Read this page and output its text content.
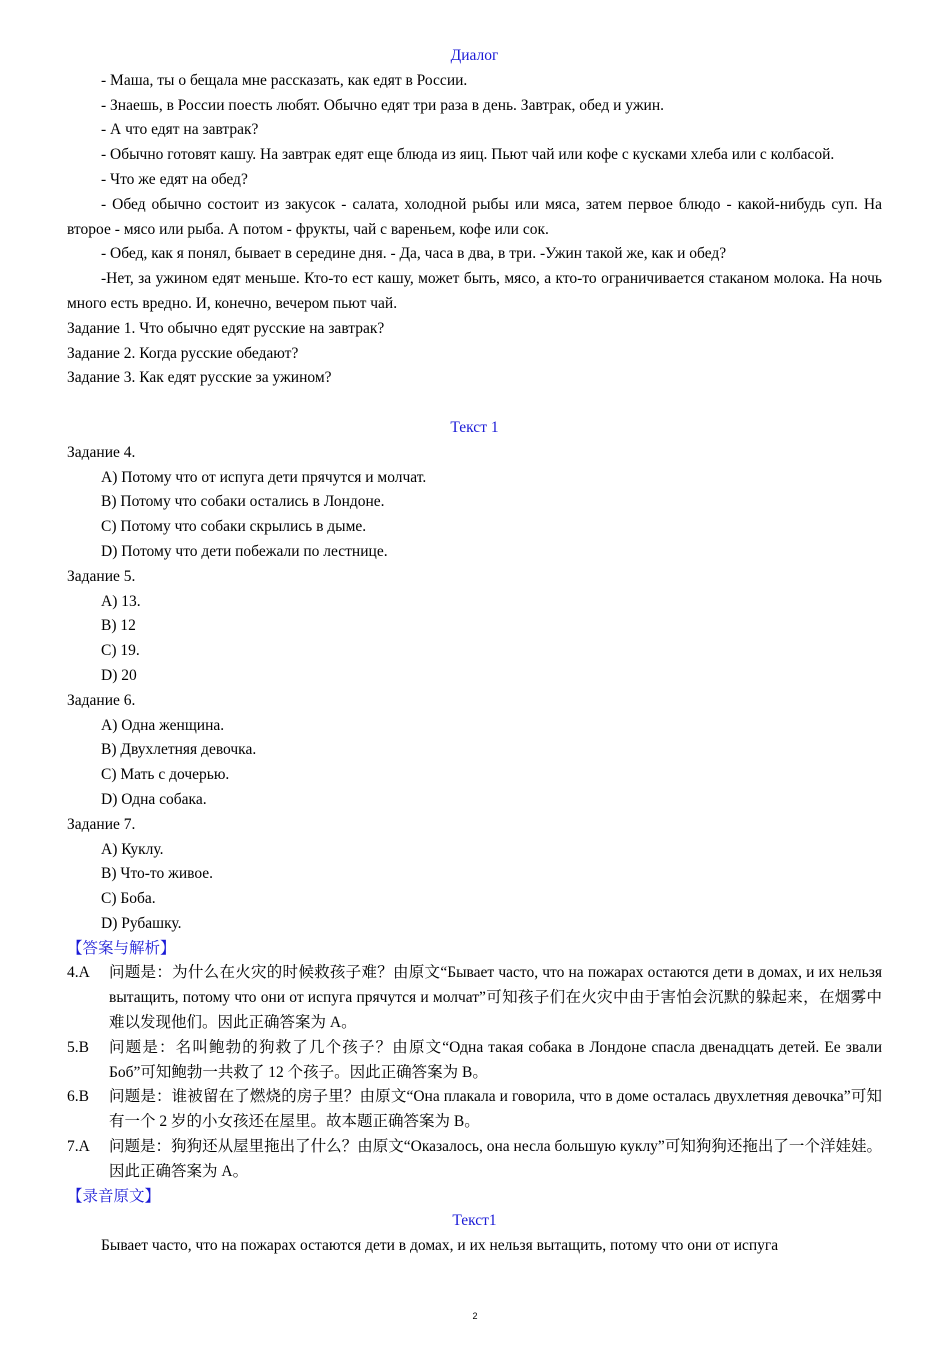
Диалог

- Маша, ты о бещала мне рассказать, как едят в России.

- Знаешь, в России поесть любят. Обычно едят три раза в день. Завтрак, обед и ужин.

- А что едят на завтрак?

- Обычно готовят кашу. На завтрак едят еще блюда из яиц. Пьют чай или кофе с кусками хлеба или с колбасой.

- Что же едят на обед?

- Обед обычно состоит из закусок - салата, холодной рыбы или мяса, затем первое блюдо - какой-нибудь суп. На второе - мясо или рыба. А потом - фрукты, чай с вареньем, кофе или сок.

- Обед, как я понял, бывает в середине дня. - Да, часа в два, в три. -Ужин такой же, как и обед?

-Нет, за ужином едят меньше. Кто-то ест кашу, может быть, мясо, а кто-то ограничивается стаканом молока. На ночь много есть вредно. И, конечно, вечером пьют чай.

Задание 1. Что обычно едят русские на завтрак?

Задание 2. Когда русские обедают?

Задание 3. Как едят русские за ужином?

Текст 1

Задание 4.

A) Потому что от испуга дети прячутся и молчат.

B) Потому что собаки остались в Лондоне.

C) Потому что собаки скрылись в дыме.

D) Потому что дети побежали по лестнице.

Задание 5.

A) 13.

B) 12

C) 19.

D) 20

Задание 6.

A) Одна женщина.

B) Двухлетняя девочка.

C) Мать с дочерью.

D) Одна собака.

Задание 7.

A) Куклу.

B) Что-то живое.

C) Боба.

D) Рубашку.

【答案与解析】

4.A	问题是：为什么在火灾的时候救孩子难？由原文“Бывает часто, что на пожарах остаются дети в домах, и их нельзя вытащить, потому что они от испуга прячутся и молчат”可知孩子们在火灾中由于害怕会沉默的躲起来，在烟雾中难以发现他们。因此正确答案为 A。
5.B	问题是：名叫鲍勃的狗救了几个孩子？由原文“Одна такая собака в Лондоне спасла двенадцать детей. Ее звали Боб”可知鲍勃一共救了 12 个孩子。因此正确答案为 B。
6.B	问题是：谁被留在了燃烧的房子里？由原文“Она плакала и говорила, что в доме осталась двухлетняя девочка”可知有一个 2 岁的小女孩还在屋里。故本题正确答案为 B。
7.A	问题是：狗狗还从屋里拖出了什么？由原文“Оказалось, она несла большую куклу”可知狗狗还拖出了一个洋娃娃。因此正确答案为 A。

【录音原文】

Текст1

Бывает часто, что на пожарах остаются дети в домах, и их нельзя вытащить, потому что они от испуга

2
